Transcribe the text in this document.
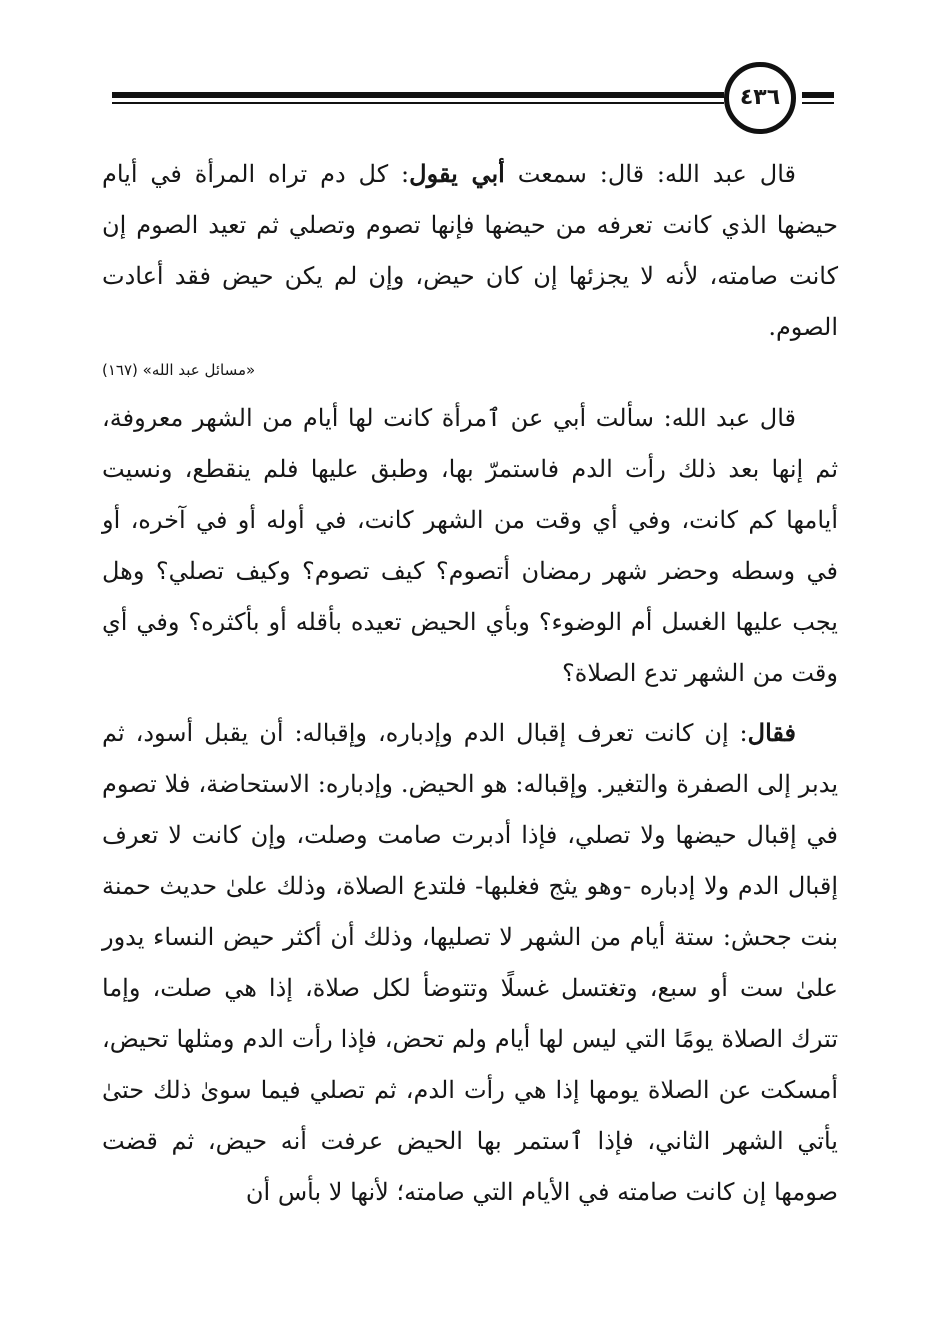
٤٣٦

قال عبد الله: قال: سمعت أبي يقول: كل دم تراه المرأة في أيام حيضها الذي كانت تعرفه من حيضها فإنها تصوم وتصلي ثم تعيد الصوم إن كانت صامته، لأنه لا يجزئها إن كان حيض، وإن لم يكن حيض فقد أعادت الصوم.

«مسائل عبد الله» (١٦٧)

قال عبد الله: سألت أبي عن ٱمرأة كانت لها أيام من الشهر معروفة، ثم إنها بعد ذلك رأت الدم فاستمرّ بها، وطبق عليها فلم ينقطع، ونسيت أيامها كم كانت، وفي أي وقت من الشهر كانت، في أوله أو في آخره، أو في وسطه وحضر شهر رمضان أتصوم؟ كيف تصوم؟ وكيف تصلي؟ وهل يجب عليها الغسل أم الوضوء؟ وبأي الحيض تعيده بأقله أو بأكثره؟ وفي أي وقت من الشهر تدع الصلاة؟

فقال: إن كانت تعرف إقبال الدم وإدباره، وإقباله: أن يقبل أسود، ثم يدبر إلى الصفرة والتغير. وإقباله: هو الحيض. وإدباره: الاستحاضة، فلا تصوم في إقبال حيضها ولا تصلي، فإذا أدبرت صامت وصلت، وإن كانت لا تعرف إقبال الدم ولا إدباره -وهو يثج فغلبها- فلتدع الصلاة، وذلك علىٰ حديث حمنة بنت جحش: ستة أيام من الشهر لا تصليها، وذلك أن أكثر حيض النساء يدور علىٰ ست أو سبع، وتغتسل غسلًا وتتوضأ لكل صلاة، إذا هي صلت، وإما تترك الصلاة يومًا التي ليس لها أيام ولم تحض، فإذا رأت الدم ومثلها تحيض، أمسكت عن الصلاة يومها إذا هي رأت الدم، ثم تصلي فيما سوىٰ ذلك حتىٰ يأتي الشهر الثاني، فإذا ٱستمر بها الحيض عرفت أنه حيض، ثم قضت صومها إن كانت صامته في الأيام التي صامته؛ لأنها لا بأس أن
